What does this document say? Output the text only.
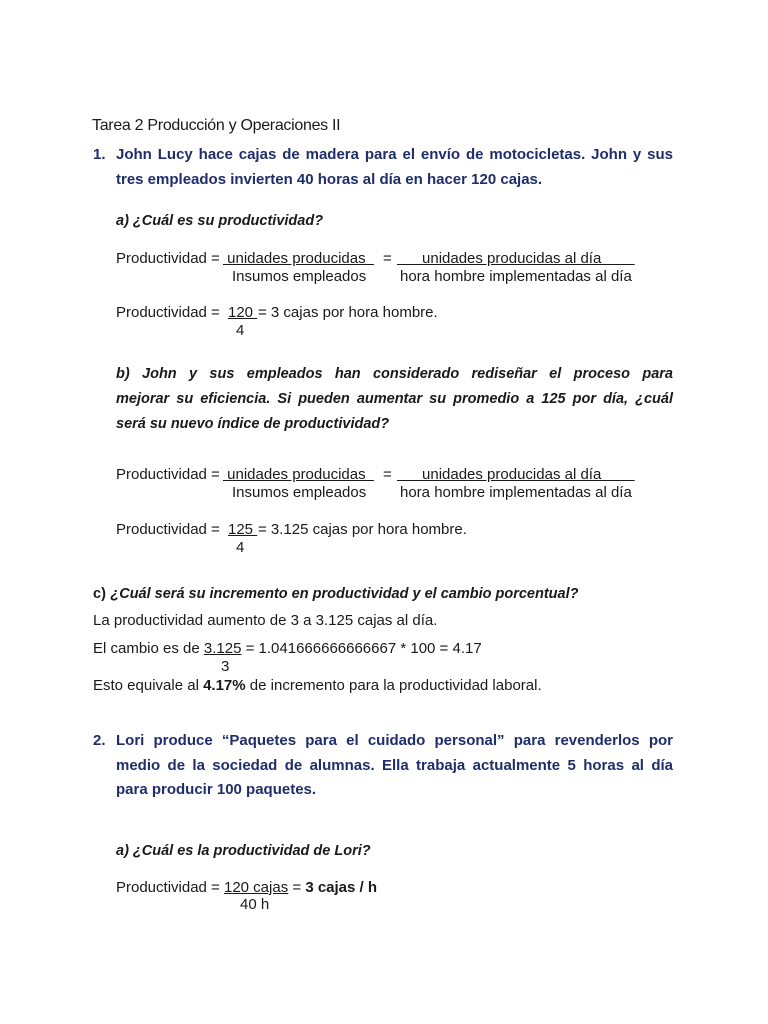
Tarea 2 Producción y Operaciones II
1. John Lucy hace cajas de madera para el envío de motocicletas. John y sus
tres empleados invierten 40 horas al día en hacer 120 cajas.
a) ¿Cuál es su productividad?
Productividad = unidades producidas = unidades producidas al día
Insumos empleados hora hombre implementadas al día
Productividad = 120 = 3 cajas por hora hombre.
4
b) John y sus empleados han considerado rediseñar el proceso para
mejorar su eficiencia. Si pueden aumentar su promedio a 125 por día, ¿cuál
será su nuevo índice de productividad?
Productividad = unidades producidas = unidades producidas al día
Insumos empleados hora hombre implementadas al día
Productividad = 125 = 3.125 cajas por hora hombre.
4
c) ¿Cuál será su incremento en productividad y el cambio porcentual?
La productividad aumento de 3 a 3.125 cajas al día.
El cambio es de 3.125 = 1.041666666666667 * 100 = 4.17
3
Esto equivale al 4.17% de incremento para la productividad laboral.
2. Lori produce “Paquetes para el cuidado personal” para revenderlos por
medio de la sociedad de alumnas. Ella trabaja actualmente 5 horas al día
para producir 100 paquetes.
a) ¿Cuál es la productividad de Lori?
Productividad = 120 cajas = 3 cajas / h
40 h
